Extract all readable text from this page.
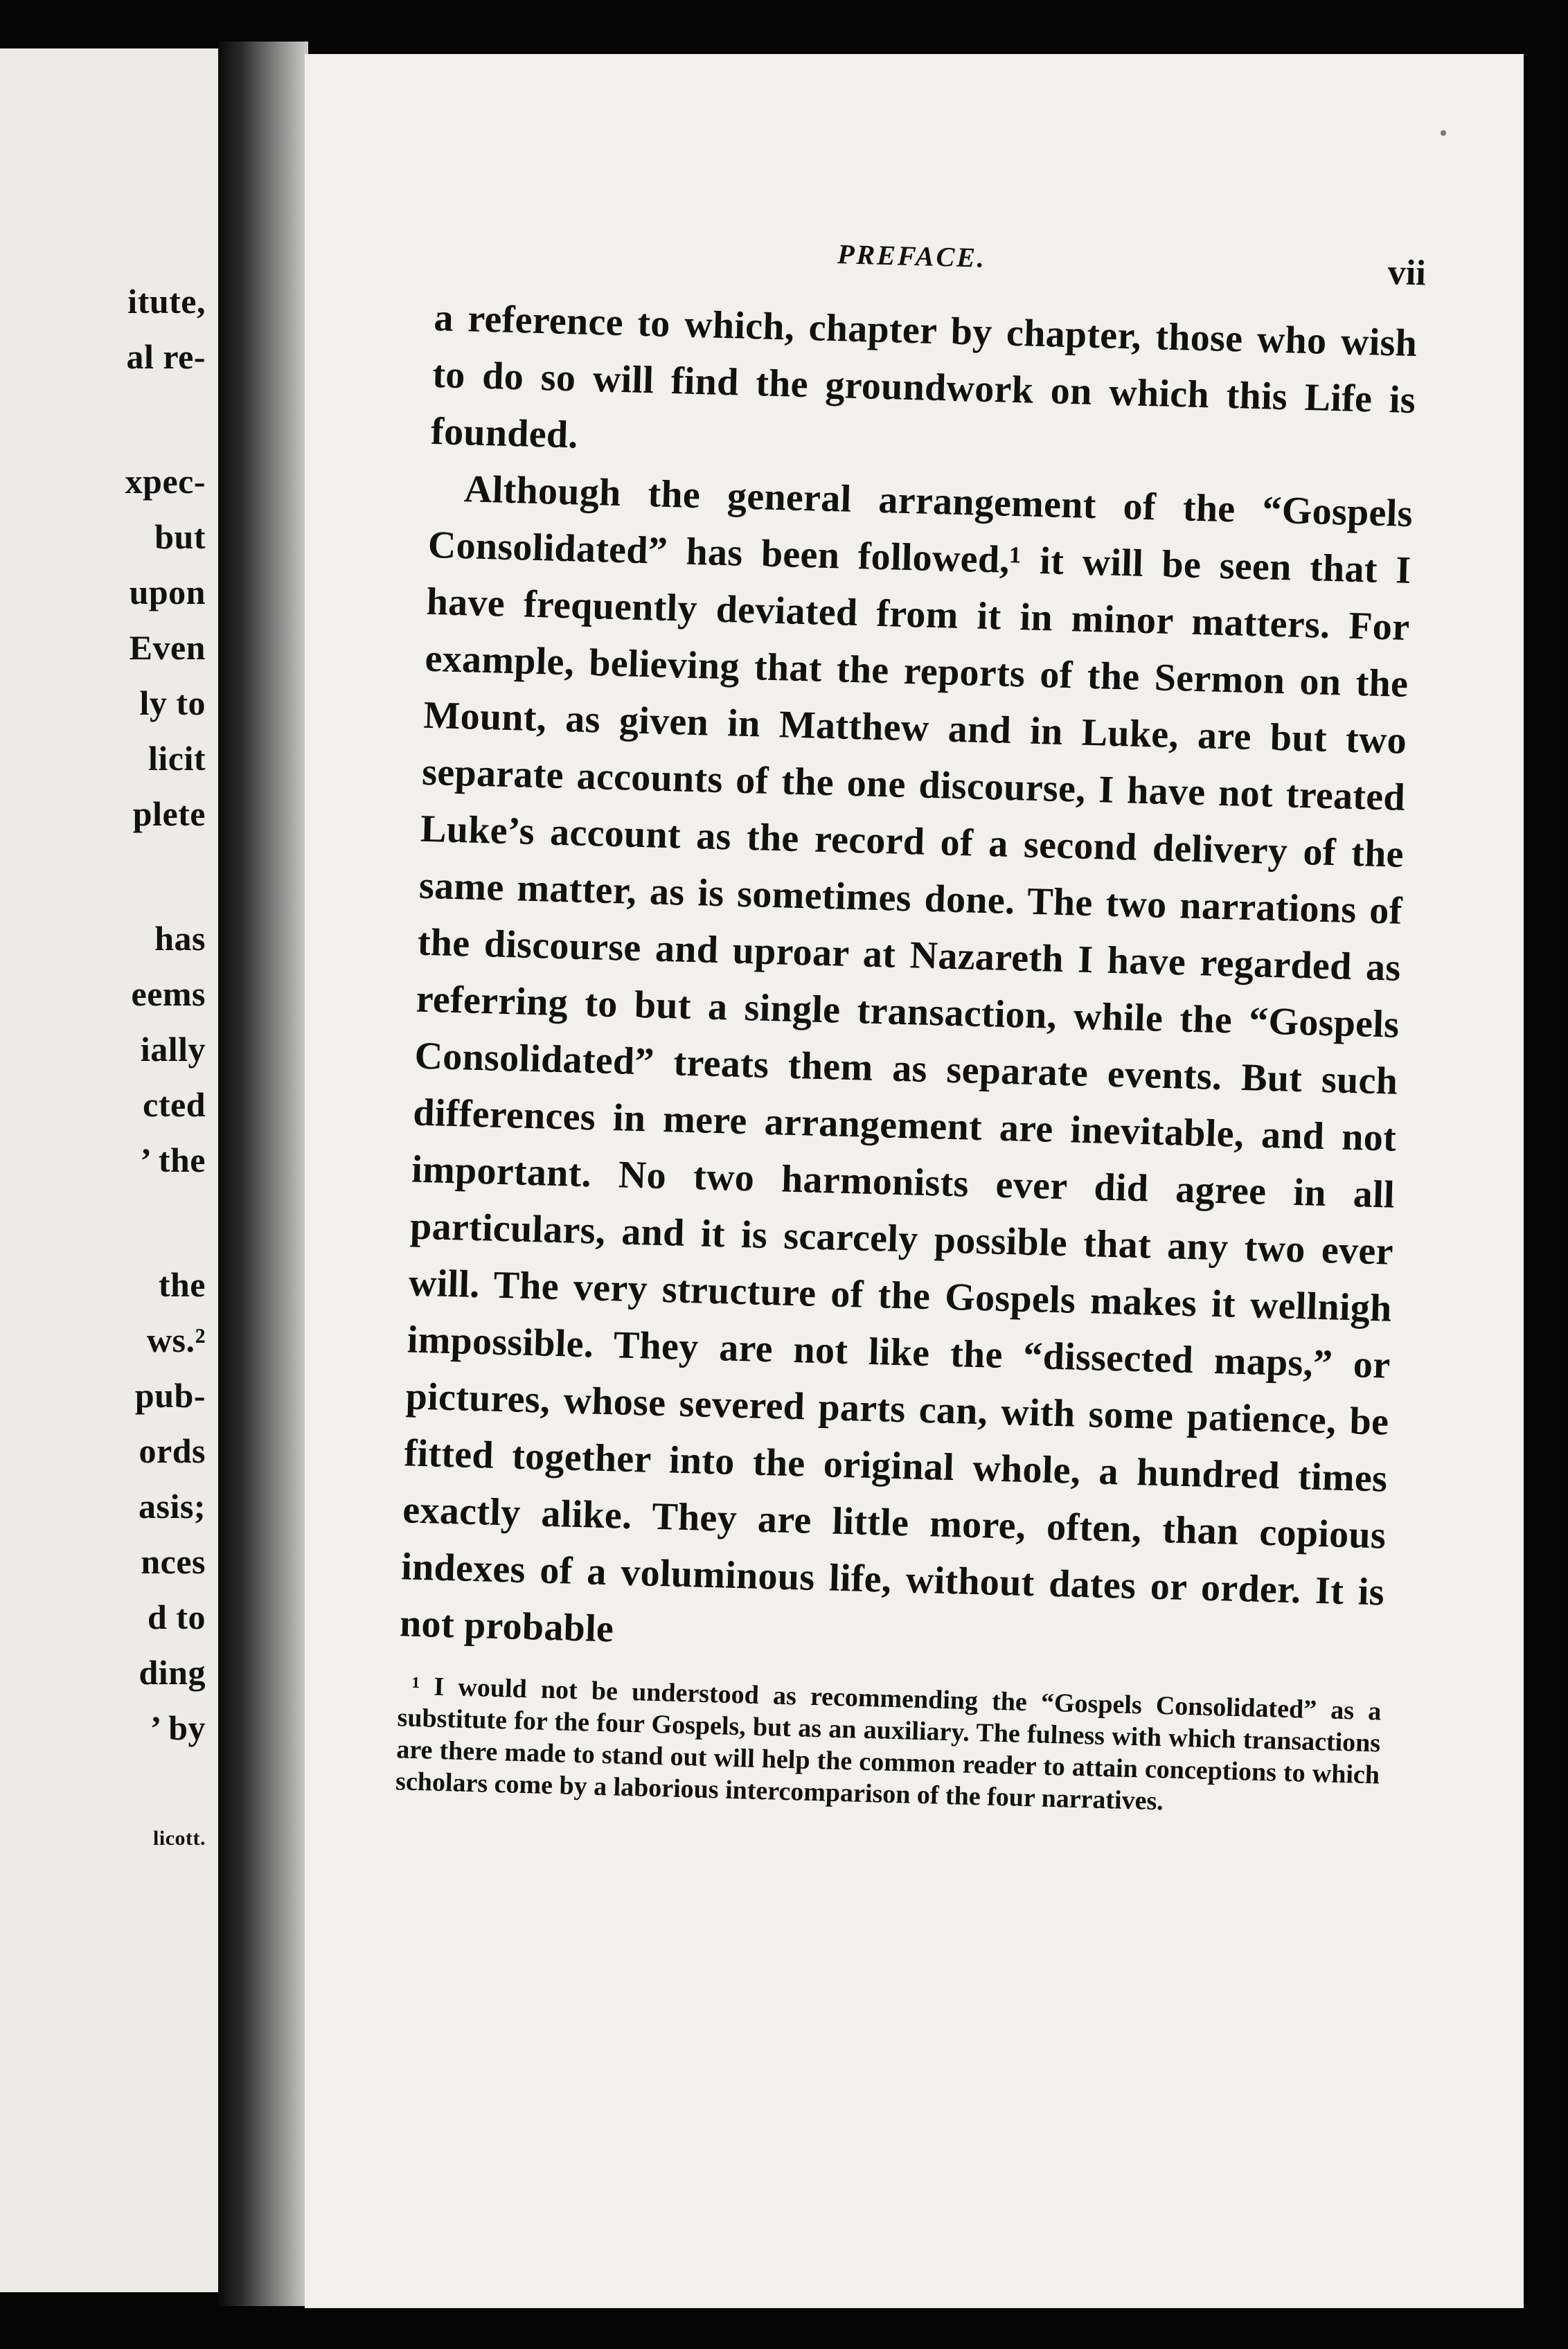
itute,
al re-
xpec-
but
upon
Even
ly to
licit
plete
has
eems
ially
cted
’ the
the
ws.²
pub-
ords
asis;
nces
d to
ding
’ by
licott.
PREFACE.	vii

a reference to which, chapter by chapter, those who wish to do so will find the groundwork on which this Life is founded.

Although the general arrangement of the “Gospels Consolidated” has been followed,¹ it will be seen that I have frequently deviated from it in minor matters. For example, believing that the reports of the Sermon on the Mount, as given in Matthew and in Luke, are but two separate accounts of the one discourse, I have not treated Luke’s account as the record of a second delivery of the same matter, as is sometimes done. The two narrations of the discourse and uproar at Nazareth I have regarded as referring to but a single transaction, while the “Gospels Consolidated” treats them as separate events. But such differences in mere arrangement are inevitable, and not important. No two harmonists ever did agree in all particulars, and it is scarcely possible that any two ever will. The very structure of the Gospels makes it wellnigh impossible. They are not like the “dissected maps,” or pictures, whose severed parts can, with some patience, be fitted together into the original whole, a hundred times exactly alike. They are little more, often, than copious indexes of a voluminous life, without dates or order. It is not probable

¹ I would not be understood as recommending the “Gospels Consolidated” as a substitute for the four Gospels, but as an auxiliary. The fulness with which transactions are there made to stand out will help the common reader to attain conceptions to which scholars come by a laborious intercomparison of the four narratives.
